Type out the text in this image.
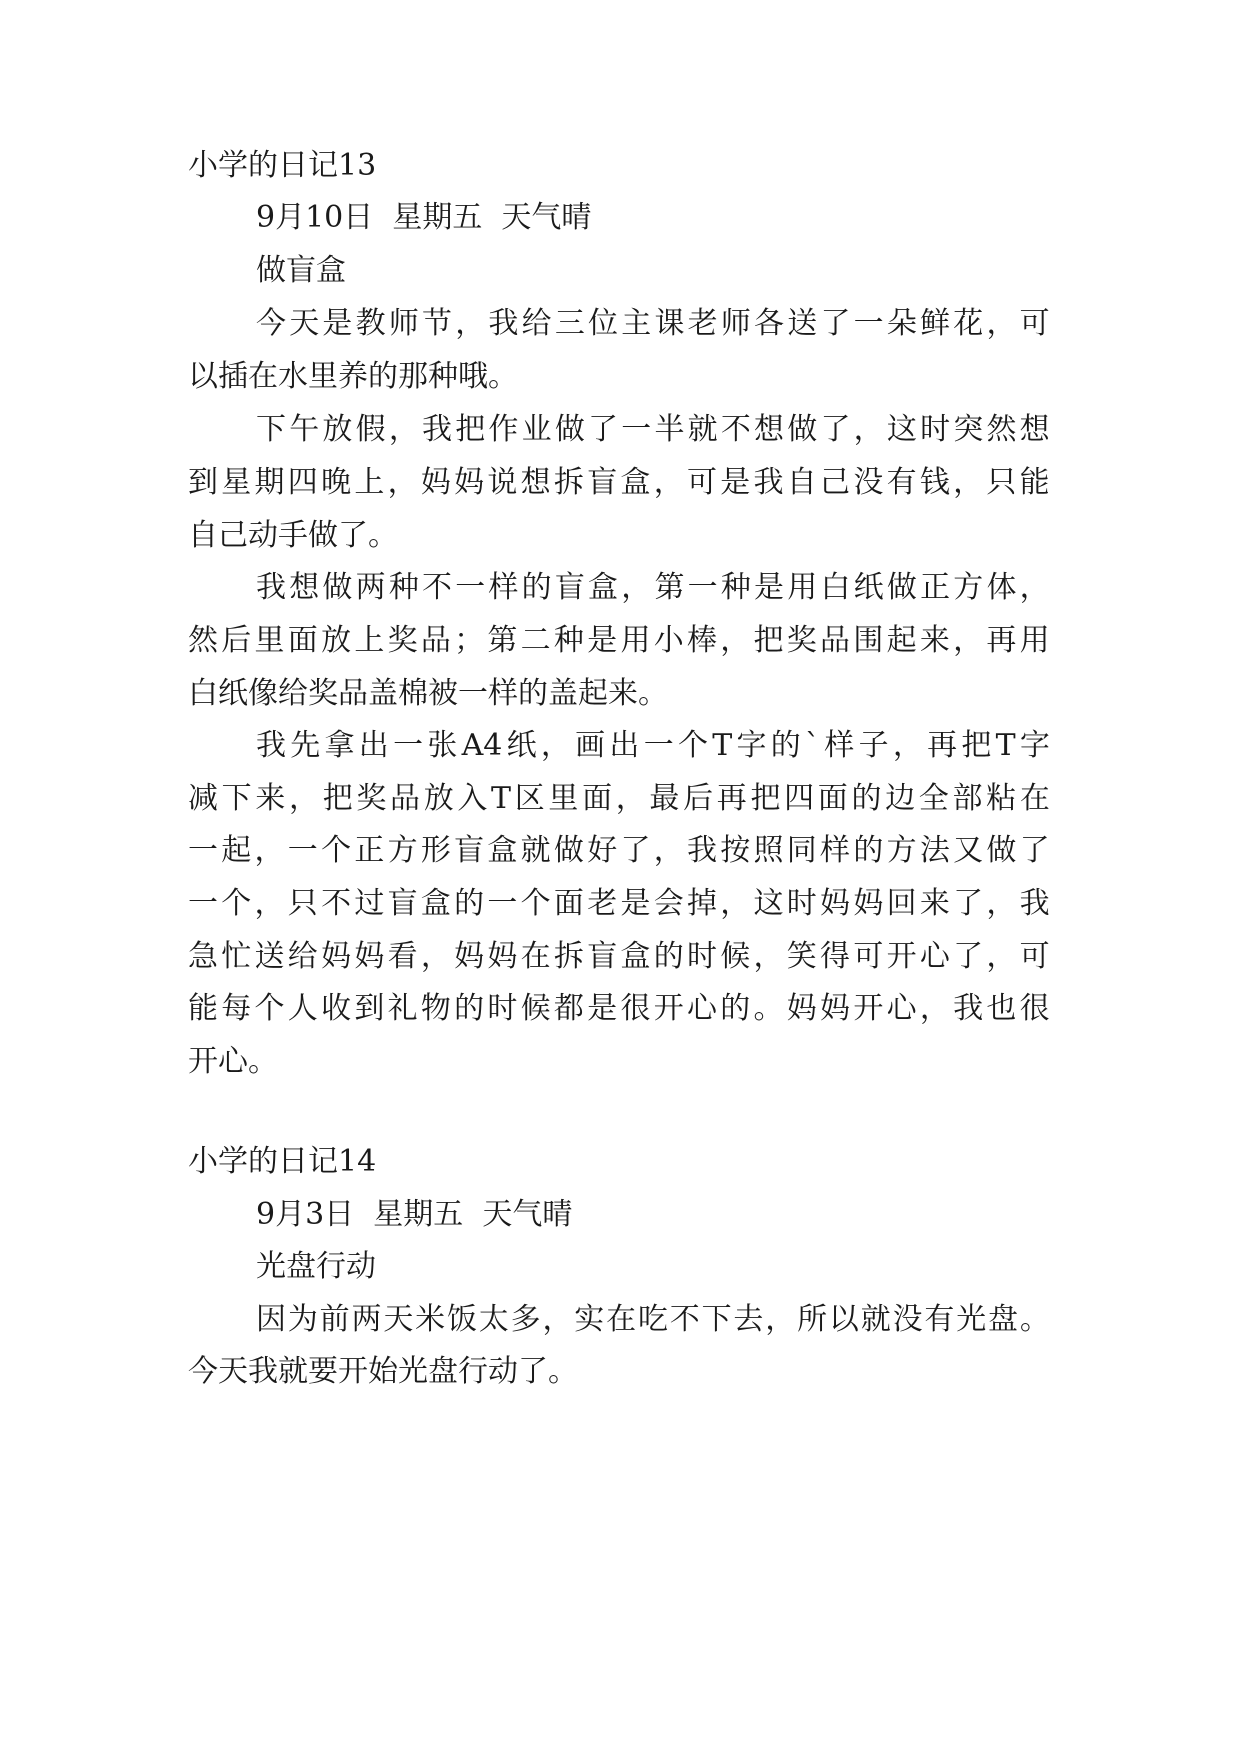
小学的日记13
9月10日  星期五  天气晴
做盲盒
今 天 是 教 师 节 ， 我 给 三 位 主 课 老 师 各 送 了 一 朵 鲜 花 ， 可
以插在水里养的那种哦。
下 午 放 假 ， 我 把 作 业 做 了 一 半 就 不 想 做 了 ， 这 时 突 然 想
到 星 期 四 晚 上 ， 妈 妈 说 想 拆 盲 盒 ， 可 是 我 自 己 没 有 钱 ， 只 能
自己动手做了。
我 想 做 两 种 不 一 样 的 盲 盒 ， 第 一 种 是 用 白 纸 做 正 方 体 ，
然 后 里 面 放 上 奖 品 ； 第 二 种 是 用 小 棒 ， 把 奖 品 围 起 来 ， 再 用
白纸像给奖品盖棉被一样的盖起来。
我 先 拿 出 一 张 A4 纸 ， 画 出 一 个 T 字 的 ` 样 子 ， 再 把 T 字
减 下 来 ， 把 奖 品 放 入 T 区 里 面 ， 最 后 再 把 四 面 的 边 全 部 粘 在
一 起 ， 一 个 正 方 形 盲 盒 就 做 好 了 ， 我 按 照 同 样 的 方 法 又 做 了
一 个 ， 只 不 过 盲 盒 的 一 个 面 老 是 会 掉 ， 这 时 妈 妈 回 来 了 ， 我
急 忙 送 给 妈 妈 看 ， 妈 妈 在 拆 盲 盒 的 时 候 ， 笑 得 可 开 心 了 ， 可
能 每 个 人 收 到 礼 物 的 时 候 都 是 很 开 心 的 。 妈 妈 开 心 ， 我 也 很
开心。
小学的日记14
9月3日  星期五  天气晴
光盘行动
因 为 前 两 天 米 饭 太 多 ， 实 在 吃 不 下 去 ， 所 以 就 没 有 光 盘 。
今天我就要开始光盘行动了。
